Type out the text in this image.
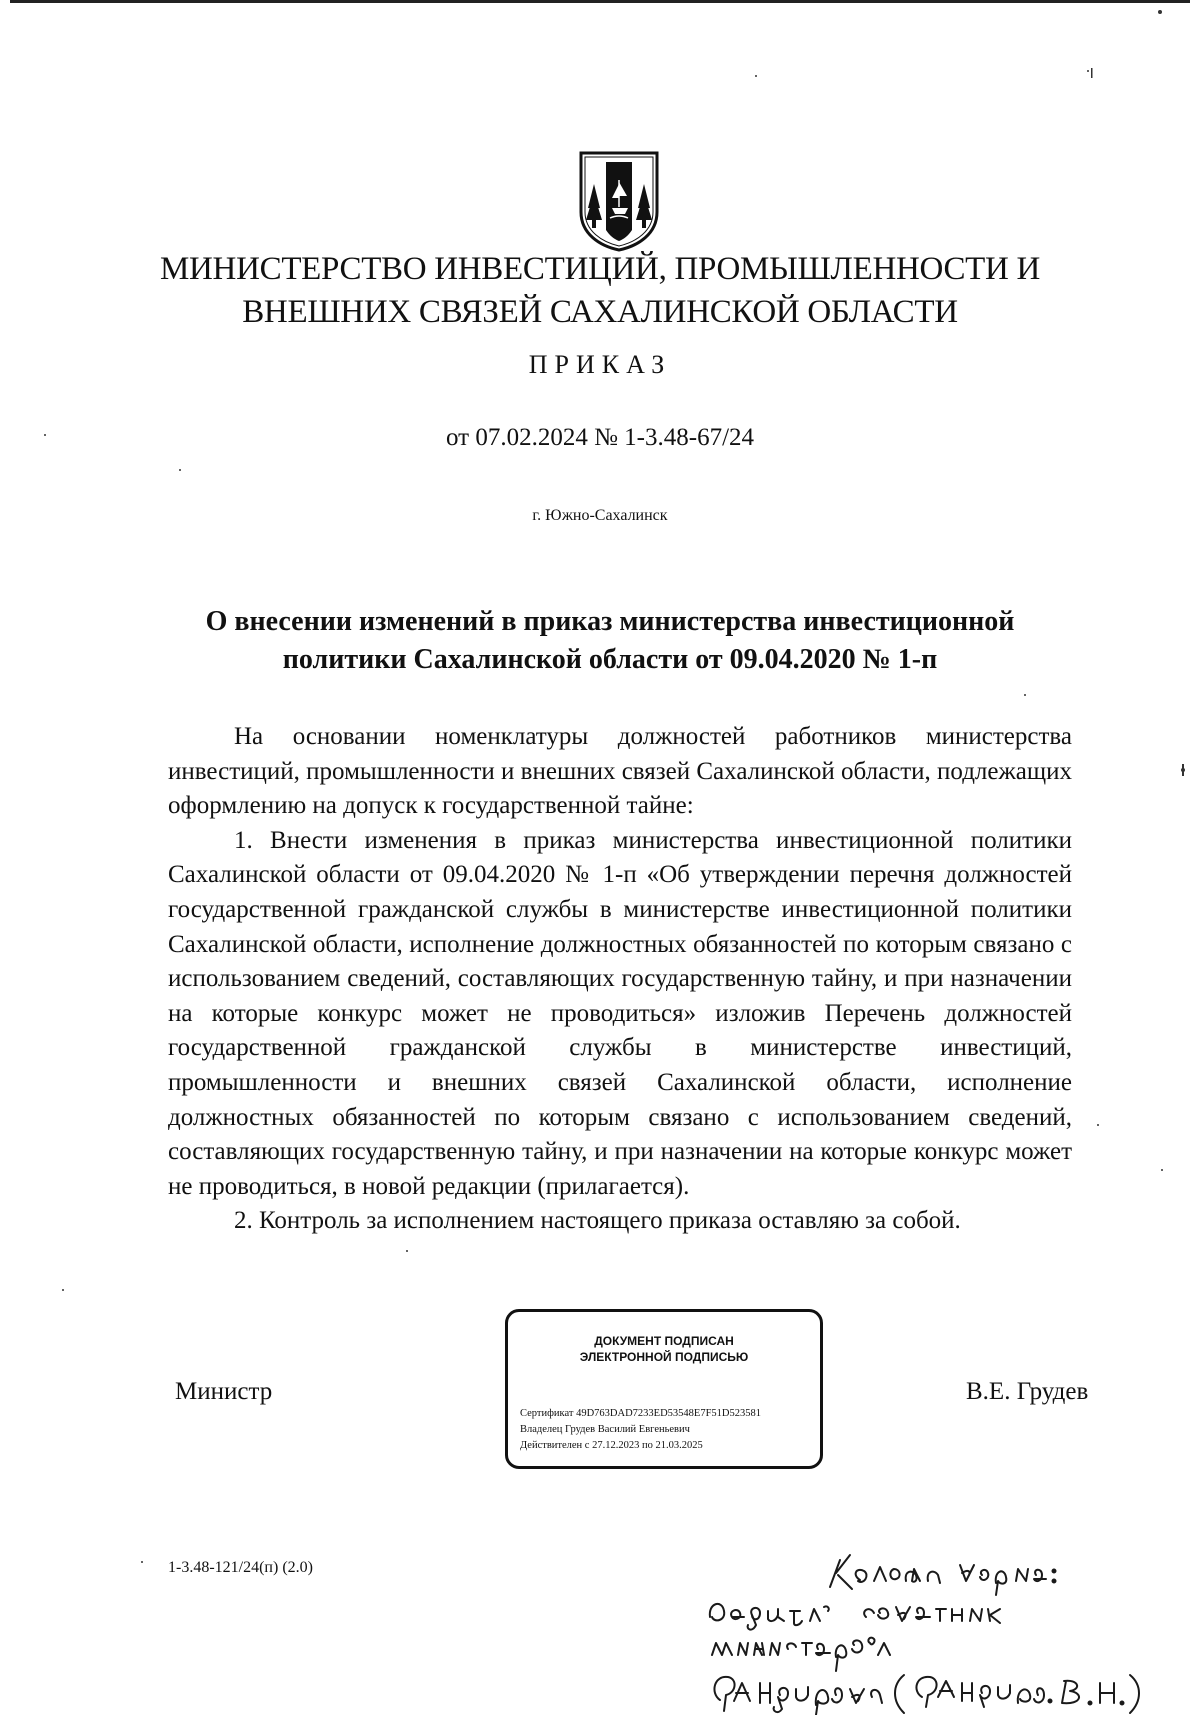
МИНИСТЕРСТВО ИНВЕСТИЦИЙ, ПРОМЫШЛЕННОСТИ И
ВНЕШНИХ СВЯЗЕЙ САХАЛИНСКОЙ ОБЛАСТИ
ПРИКАЗ
от 07.02.2024 № 1-3.48-67/24
г. Южно-Сахалинск
О внесении изменений в приказ министерства инвестиционной
политики Сахалинской области от 09.04.2020 № 1-п

На основании номенклатуры должностей работников министерства инвестиций, промышленности и внешних связей Сахалинской области, подлежащих оформлению на допуск к государственной тайне:

1. Внести изменения в приказ министерства инвестиционной политики Сахалинской области от 09.04.2020 № 1-п «Об утверждении перечня должностей государственной гражданской службы в министерстве инвестиционной политики Сахалинской области, исполнение должностных обязанностей по которым связано с использованием сведений, составляющих государственную тайну, и при назначении на которые конкурс может не проводиться» изложив Перечень должностей государственной гражданской службы в министерстве инвестиций, промышленности и внешних связей Сахалинской области, исполнение должностных обязанностей по которым связано с использованием сведений, составляющих государственную тайну, и при назначении на которые конкурс может не проводиться, в новой редакции (прилагается).

2. Контроль за исполнением настоящего приказа оставляю за собой.

Министр
ДОКУМЕНТ ПОДПИСАН
ЭЛЕКТРОННОЙ ПОДПИСЬЮ
Сертификат 49D763DAD7233ED53548E7F51D523581
Владелец Грудев Василий Евгеньевич
Действителен с 27.12.2023 по 21.03.2025
В.Е. Грудев
1-3.48-121/24(п) (2.0)
